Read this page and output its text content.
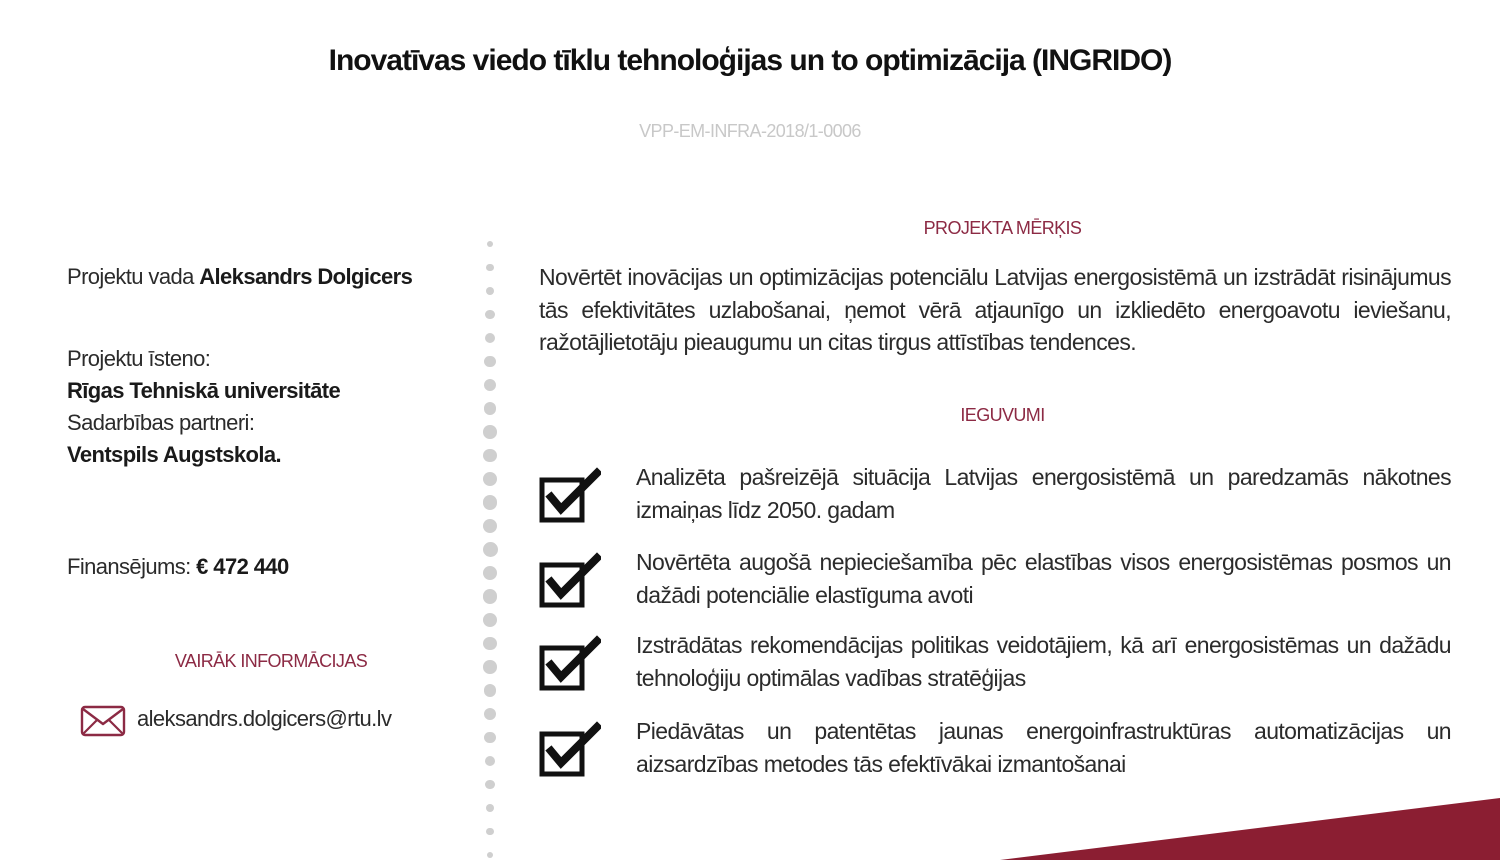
Inovatīvas viedo tīklu tehnoloģijas un to optimizācija (INGRIDO)
VPP-EM-INFRA-2018/1-0006
Projektu vada Aleksandrs Dolgicers
Projektu īsteno:
Rīgas Tehniskā universitāte
Sadarbības partneri:
Ventspils Augstskola.
Finansējums: € 472 440
VAIRĀK INFORMĀCIJAS
aleksandrs.dolgicers@rtu.lv
PROJEKTA MĒRĶIS
Novērtēt inovācijas un optimizācijas potenciālu Latvijas energosistēmā un izstrādāt risinājumus tās efektivitātes uzlabošanai, ņemot vērā atjaunīgo un izkliedēto energoavotu ieviešanu, ražotājlietotāju pieaugumu un citas tirgus attīstības tendences.
IEGUVUMI
Analizēta pašreizējā situācija Latvijas energosistēmā un paredzamās nākotnes izmaiņas līdz 2050. gadam
Novērtēta augošā nepieciešamība pēc elastības visos energosistēmas posmos un dažādi potenciālie elastīguma avoti
Izstrādātas rekomendācijas politikas veidotājiem, kā arī energosistēmas un dažādu tehnoloģiju optimālas vadības stratēģijas
Piedāvātas un patentētas jaunas energoinfrastruktūras automatizācijas un aizsardzības metodes tās efektīvākai izmantošanai
